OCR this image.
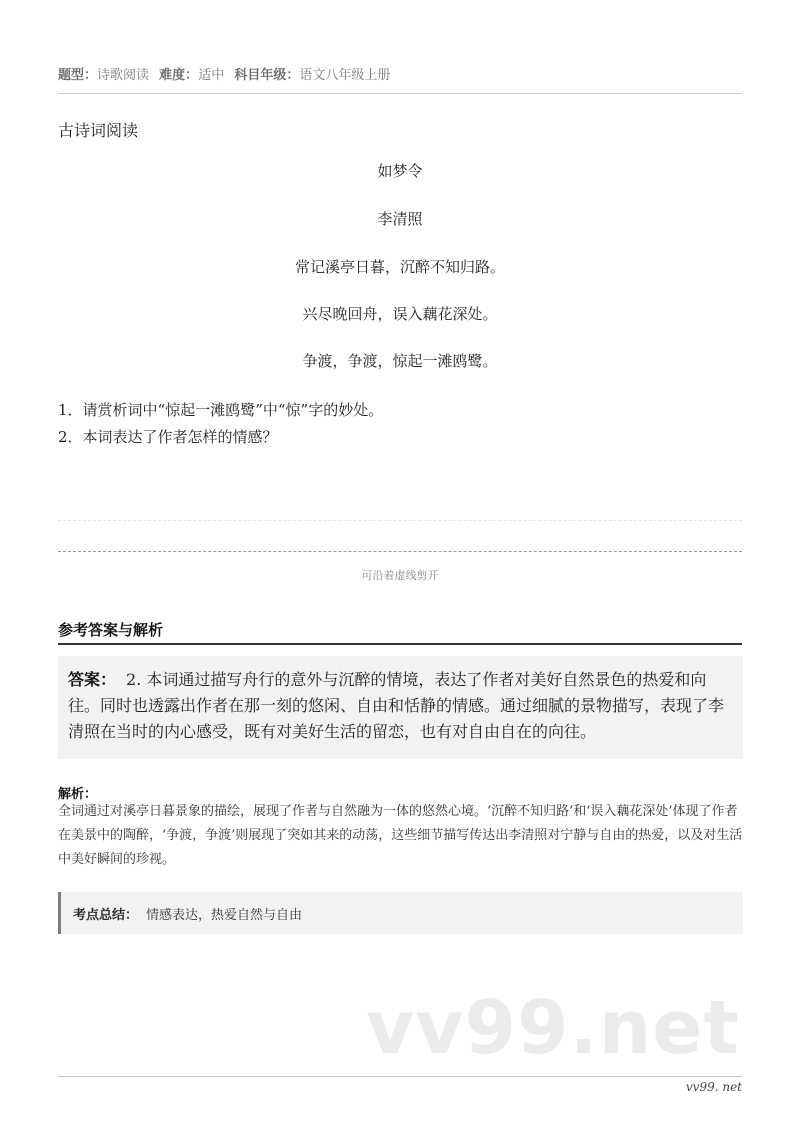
题型：诗歌阅读 难度：适中 科目年级：语文八年级上册
古诗词阅读
如梦令
李清照
常记溪亭日暮，沉醉不知归路。
兴尽晚回舟，误入藕花深处。
争渡，争渡，惊起一滩鸥鹭。
1．请赏析词中“惊起一滩鸥鹭”中“惊”字的妙处。
2．本词表达了作者怎样的情感？
可沿着虚线剪开
参考答案与解析
答案： 2. 本词通过描写舟行的意外与沉醉的情境，表达了作者对美好自然景色的热爱和向往。同时也透露出作者在那一刻的悠闲、自由和恬静的情感。通过细腻的景物描写，表现了李清照在当时的内心感受，既有对美好生活的留恋，也有对自由自在的向往。
解析：
全词通过对溪亭日暮景象的描绘，展现了作者与自然融为一体的悠然心境。‘沉醉不知归路’和‘误入藕花深处’体现了作者在美景中的陶醉，‘争渡，争渡’则展现了突如其来的动荡，这些细节描写传达出李清照对宁静与自由的热爱，以及对生活中美好瞬间的珍视。
考点总结： 情感表达，热爱自然与自由
vv99.net
vv99. net
